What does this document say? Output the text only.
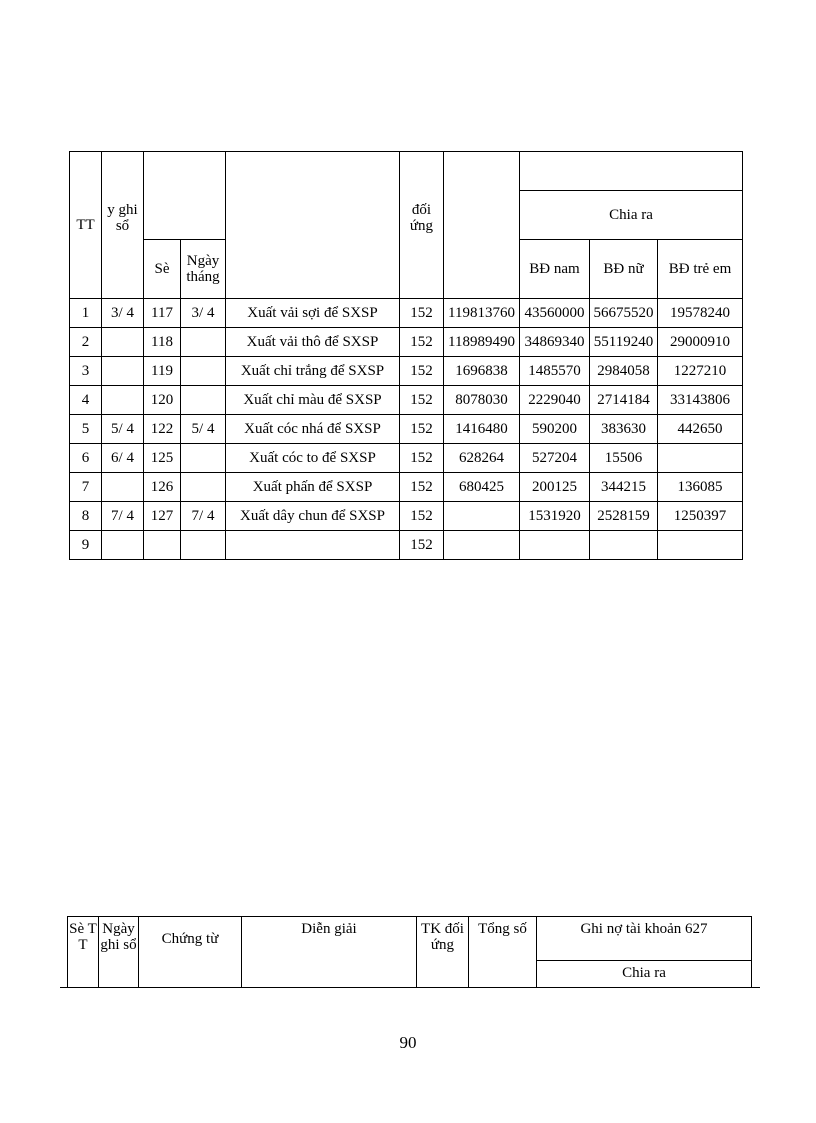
TT	y ghi sổ				đối ứng				
							Chia ra		
		Sè	Ngày tháng				BĐ nam	BĐ nữ	BĐ trẻ em
1	3/ 4	117	3/ 4	Xuất vải sợi để SXSP	152	119813760	43560000	56675520	19578240
2		118		Xuất vải thô để SXSP	152	118989490	34869340	55119240	29000910
3		119		Xuất chỉ trắng để SXSP	152	1696838	1485570	2984058	1227210
4		120		Xuất chỉ màu để SXSP	152	8078030	2229040	2714184	33143806
5	5/ 4	122	5/ 4	Xuất cóc nhá để SXSP	152	1416480	590200	383630	442650
6	6/ 4	125		Xuất cóc to để SXSP	152	628264	527204	15506	
7		126		Xuất phấn để SXSP	152	680425	200125	344215	136085
8	7/ 4	127	7/ 4	Xuất dây chun để SXSP	152		1531920	2528159	1250397
9					152				
Sè T T	Ngày ghi sổ	Chứng từ	Diễn giải	TK đối ứng	Tổng số	Ghi nợ tài khoản 627
Chia ra
90
